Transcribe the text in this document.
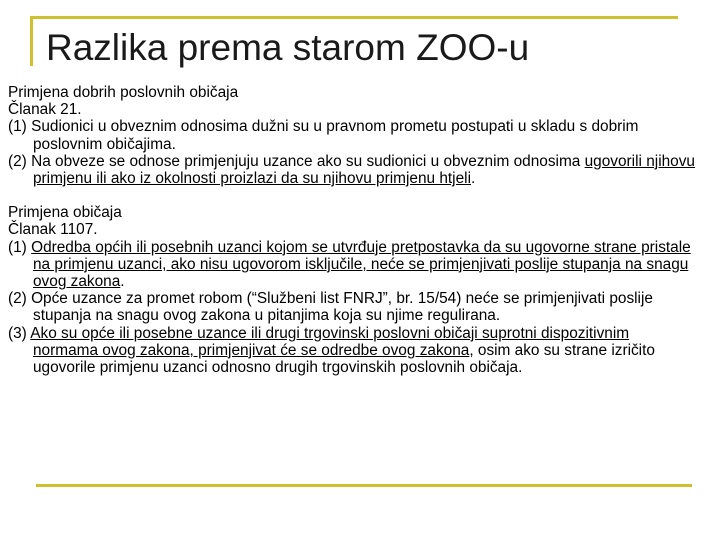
Razlika prema starom ZOO-u
Primjena dobrih poslovnih običaja
Članak 21.
(1) Sudionici u obveznim odnosima dužni su u pravnom prometu postupati u skladu s dobrim poslovnim običajima.
(2) Na obveze se odnose primjenjuju uzance ako su sudionici u obveznim odnosima ugovorili njihovu primjenu ili ako iz okolnosti proizlazi da su njihovu primjenu htjeli.
Primjena običaja
Članak 1107.
(1) Odredba općih ili posebnih uzanci kojom se utvrđuje pretpostavka da su ugovorne strane pristale na primjenu uzanci, ako nisu ugovorom isključile, neće se primjenjivati poslije stupanja na snagu ovog zakona.
(2) Opće uzance za promet robom (“Službeni list FNRJ”, br. 15/54) neće se primjenjivati poslije stupanja na snagu ovog zakona u pitanjima koja su njime regulirana.
(3) Ako su opće ili posebne uzance ili drugi trgovinski poslovni običaji suprotni dispozitivnim normama ovog zakona, primjenjivat će se odredbe ovog zakona, osim ako su strane izričito ugovorile primjenu uzanci odnosno drugih trgovinskih poslovnih običaja.
